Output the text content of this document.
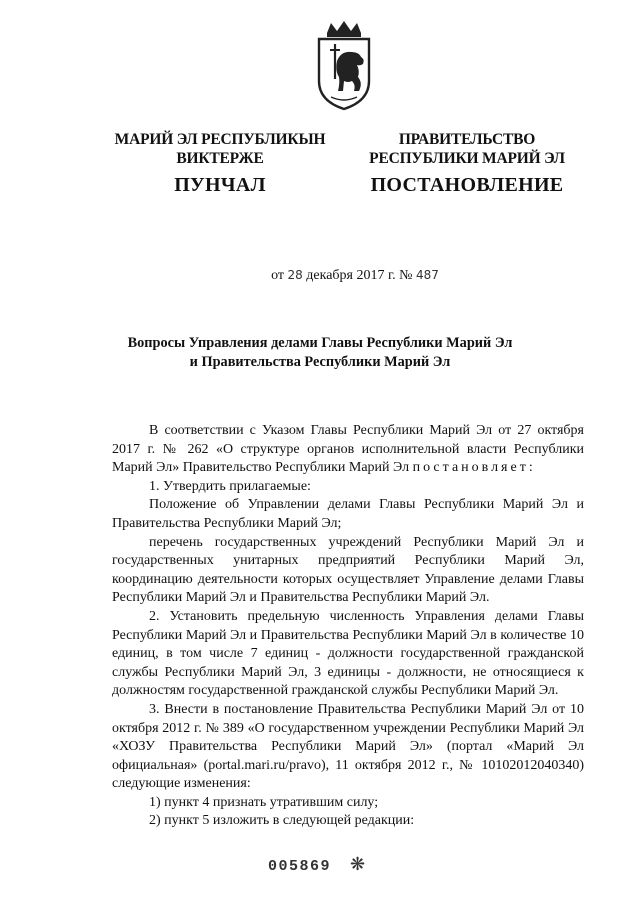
МАРИЙ ЭЛ РЕСПУБЛИКЫН
ВИКТЕРЖЕ
ПРАВИТЕЛЬСТВО
РЕСПУБЛИКИ МАРИЙ ЭЛ
ПУНЧАЛ	ПОСТАНОВЛЕНИЕ
от 28 декабря 2017 г. № 487
Вопросы Управления делами Главы Республики Марий Эл
и Правительства Республики Марий Эл

В соответствии с Указом Главы Республики Марий Эл от 27 октября 2017 г. № 262 «О структуре органов исполнительной власти Республики Марий Эл» Правительство Республики Марий Эл постановляет:

1. Утвердить прилагаемые:

Положение об Управлении делами Главы Республики Марий Эл и Правительства Республики Марий Эл;

перечень государственных учреждений Республики Марий Эл и государственных унитарных предприятий Республики Марий Эл, координацию деятельности которых осуществляет Управление делами Главы Республики Марий Эл и Правительства Республики Марий Эл.

2. Установить предельную численность Управления делами Главы Республики Марий Эл и Правительства Республики Марий Эл в количестве 10 единиц, в том числе 7 единиц - должности государственной гражданской службы Республики Марий Эл, 3 единицы - должности, не относящиеся к должностям государственной гражданской службы Республики Марий Эл.

3. Внести в постановление Правительства Республики Марий Эл от 10 октября 2012 г. № 389 «О государственном учреждении Республики Марий Эл «ХОЗУ Правительства Республики Марий Эл» (портал «Марий Эл официальная» (portal.mari.ru/pravo), 11 октября 2012 г., № 10102012040340) следующие изменения:

1) пункт 4 признать утратившим силу;

2) пункт 5 изложить в следующей редакции:

005869 ❋
